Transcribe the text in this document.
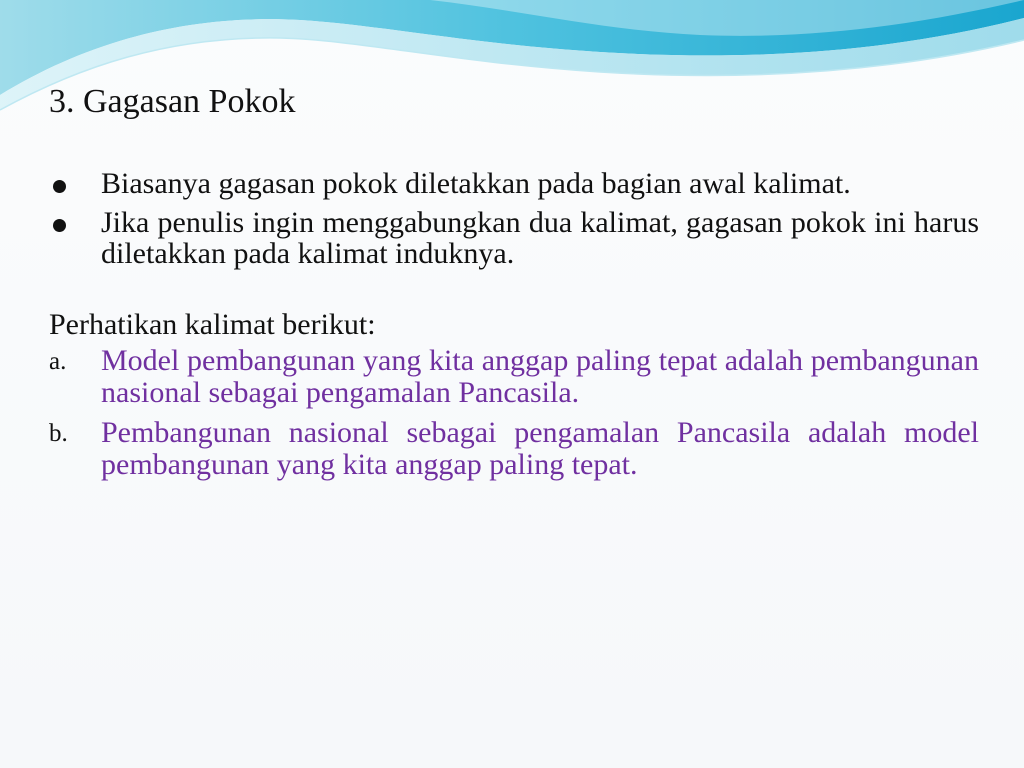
3. Gagasan Pokok
Biasanya gagasan pokok diletakkan pada bagian awal kalimat.
Jika penulis ingin menggabungkan dua kalimat, gagasan pokok ini harus diletakkan pada kalimat induknya.

Perhatikan kalimat berikut:

a. Model pembangunan yang kita anggap paling tepat adalah pembangunan nasional sebagai pengamalan Pancasila.
b. Pembangunan nasional sebagai pengamalan Pancasila adalah model pembangunan yang kita anggap paling tepat.
